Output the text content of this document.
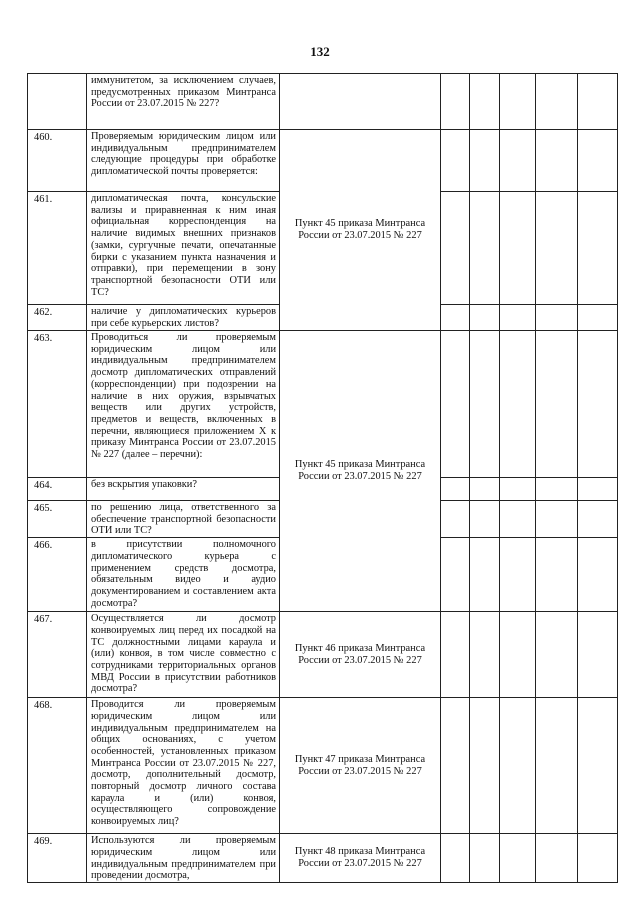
132
	иммунитетом, за исключением случаев, предусмотренных приказом Минтранса России от 23.07.2015 № 227?						
460.	Проверяемым юридическим лицом или индивидуальным предпринимателем следующие процедуры при обработке дипломатической почты проверяется:	Пункт 45 приказа Минтранса России от 23.07.2015 № 227					
461.	дипломатическая почта, консульские вализы и приравненная к ним иная официальная корреспонденция на наличие видимых внешних признаков (замки, сургучные печати, опечатанные бирки с указанием пункта назначения и отправки), при перемещении в зону транспортной безопасности ОТИ или ТС?						
462.	наличие у дипломатических курьеров при себе курьерских листов?						
463.	Проводиться ли проверяемым юридическим лицом или индивидуальным предпринимателем досмотр дипломатических отправлений (корреспонденции) при подозрении на наличие в них оружия, взрывчатых веществ или других устройств, предметов и веществ, включенных в перечни, являющиеся приложением Х к приказу Минтранса России от 23.07.2015 № 227 (далее – перечни):	Пункт 45 приказа Минтранса России от 23.07.2015 № 227					
464.	без вскрытия упаковки?						
465.	по решению лица, ответственного за обеспечение транспортной безопасности ОТИ или ТС?						
466.	в присутствии полномочного дипломатического курьера с применением средств досмотра, обязательным видео и аудио документированием и составлением акта досмотра?						
467.	Осуществляется ли досмотр конвоируемых лиц перед их посадкой на ТС должностными лицами караула и (или) конвоя, в том числе совместно с сотрудниками территориальных органов МВД России в присутствии работников досмотра?	Пункт 46 приказа Минтранса России от 23.07.2015 № 227					
468.	Проводится ли проверяемым юридическим лицом или индивидуальным предпринимателем на общих основаниях, с учетом особенностей, установленных приказом Минтранса России от 23.07.2015 № 227, досмотр, дополнительный досмотр, повторный досмотр личного состава караула и (или) конвоя, осуществляющего сопровождение конвоируемых лиц?	Пункт 47 приказа Минтранса России от 23.07.2015 № 227					
469.	Используются ли проверяемым юридическим лицом или индивидуальным предпринимателем при проведении досмотра,	Пункт 48 приказа Минтранса России от 23.07.2015 № 227					
